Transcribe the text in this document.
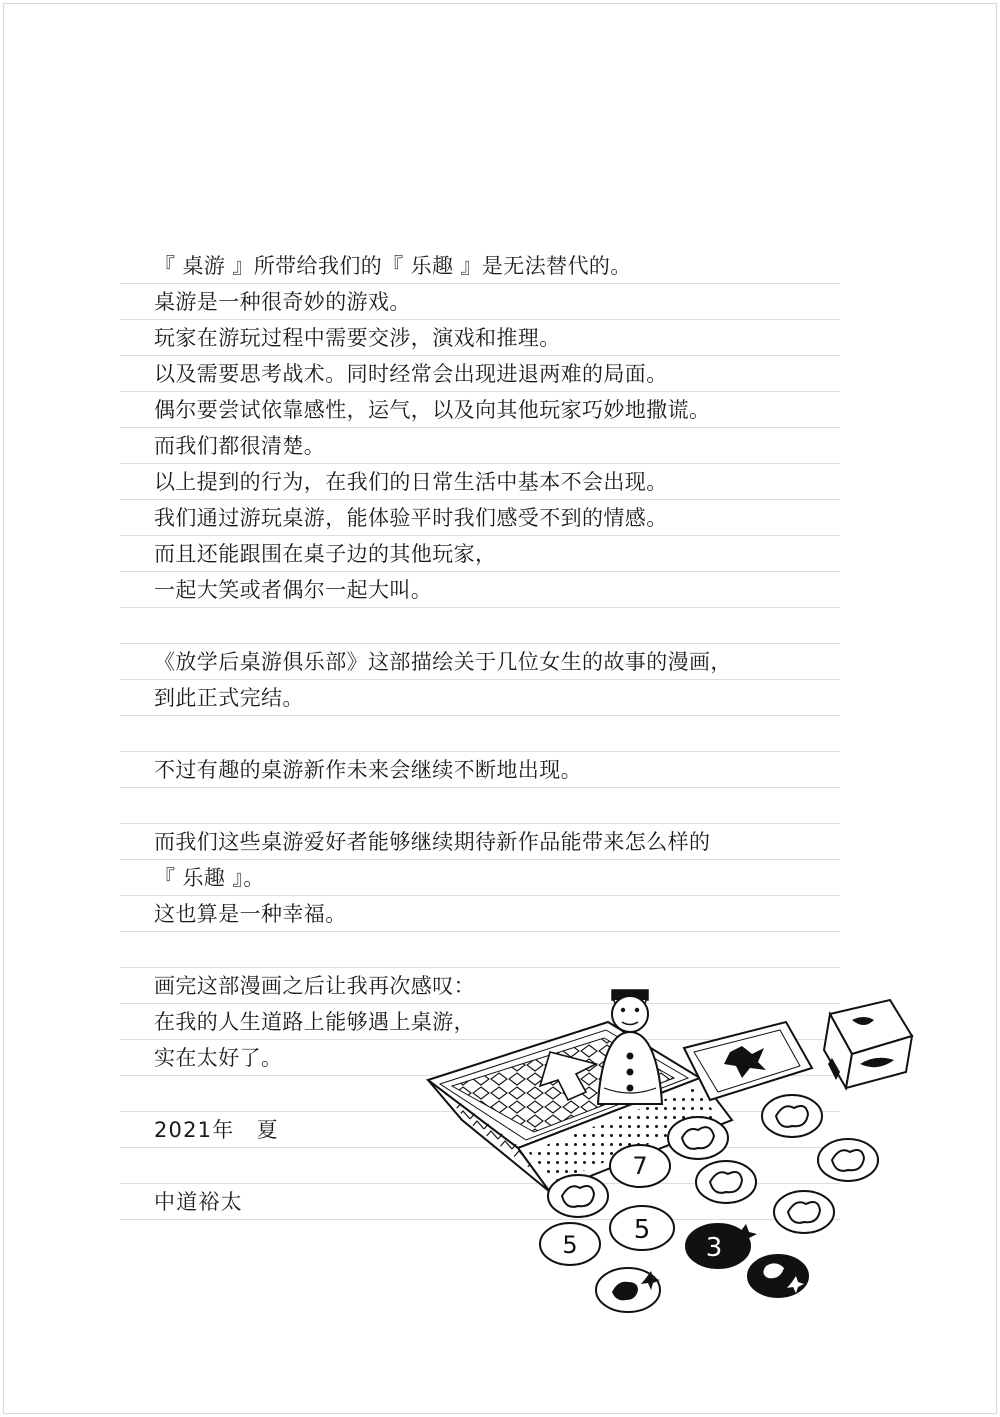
『 桌游 』所带给我们的『 乐趣 』是无法替代的。
桌游是一种很奇妙的游戏。
玩家在游玩过程中需要交涉，演戏和推理。
以及需要思考战术。同时经常会出现进退两难的局面。
偶尔要尝试依靠感性，运气，以及向其他玩家巧妙地撒谎。
而我们都很清楚。
以上提到的行为，在我们的日常生活中基本不会出现。
我们通过游玩桌游，能体验平时我们感受不到的情感。
而且还能跟围在桌子边的其他玩家，
一起大笑或者偶尔一起大叫。
《放学后桌游俱乐部》这部描绘关于几位女生的故事的漫画，
到此正式完结。
不过有趣的桌游新作未来会继续不断地出现。
而我们这些桌游爱好者能够继续期待新作品能带来怎么样的
『 乐趣 』。
这也算是一种幸福。
画完这部漫画之后让我再次感叹：
在我的人生道路上能够遇上桌游，
实在太好了。
2021年　夏
中道裕太
7
5
5	3
